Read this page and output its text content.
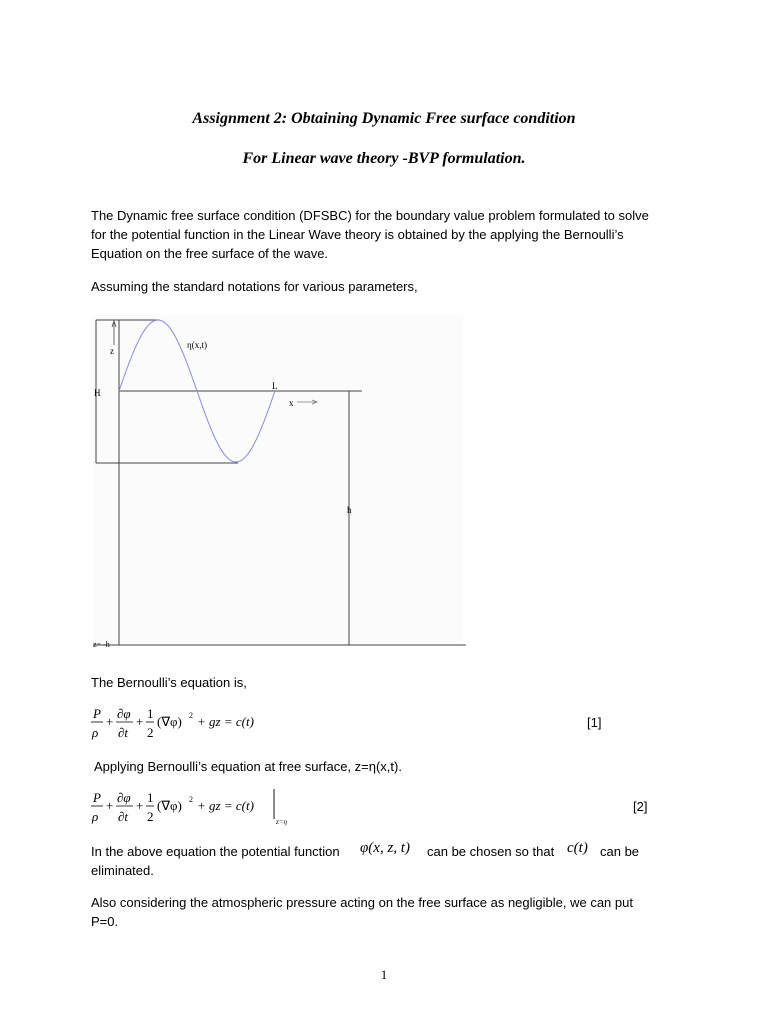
Assignment 2: Obtaining Dynamic Free surface condition
For Linear wave theory -BVP formulation.

The Dynamic free surface condition (DFSBC) for the boundary value problem formulated to solve for the potential function in the Linear Wave theory is obtained by the applying the Bernoulli’s Equation on the free surface of the wave.

Assuming the standard notations for various parameters,

η(x,t)
z
H
L
x
h
z= -h

The Bernoulli’s equation is,

P
ρ
+
∂φ
∂t
+
1
2
(∇φ) 2 + gz = c(t)	[1]

Applying Bernoulli’s equation at free surface, z=η(x,t).

P
ρ
+
∂φ
∂t
+
1
2
(∇φ) 2 + gz = c(t)
z=η
[2]
In the above equation the potential function φ(x, z, t) can be chosen so that c(t) can be
eliminated.

Also considering the atmospheric pressure acting on the free surface as negligible, we can put P=0.

1
